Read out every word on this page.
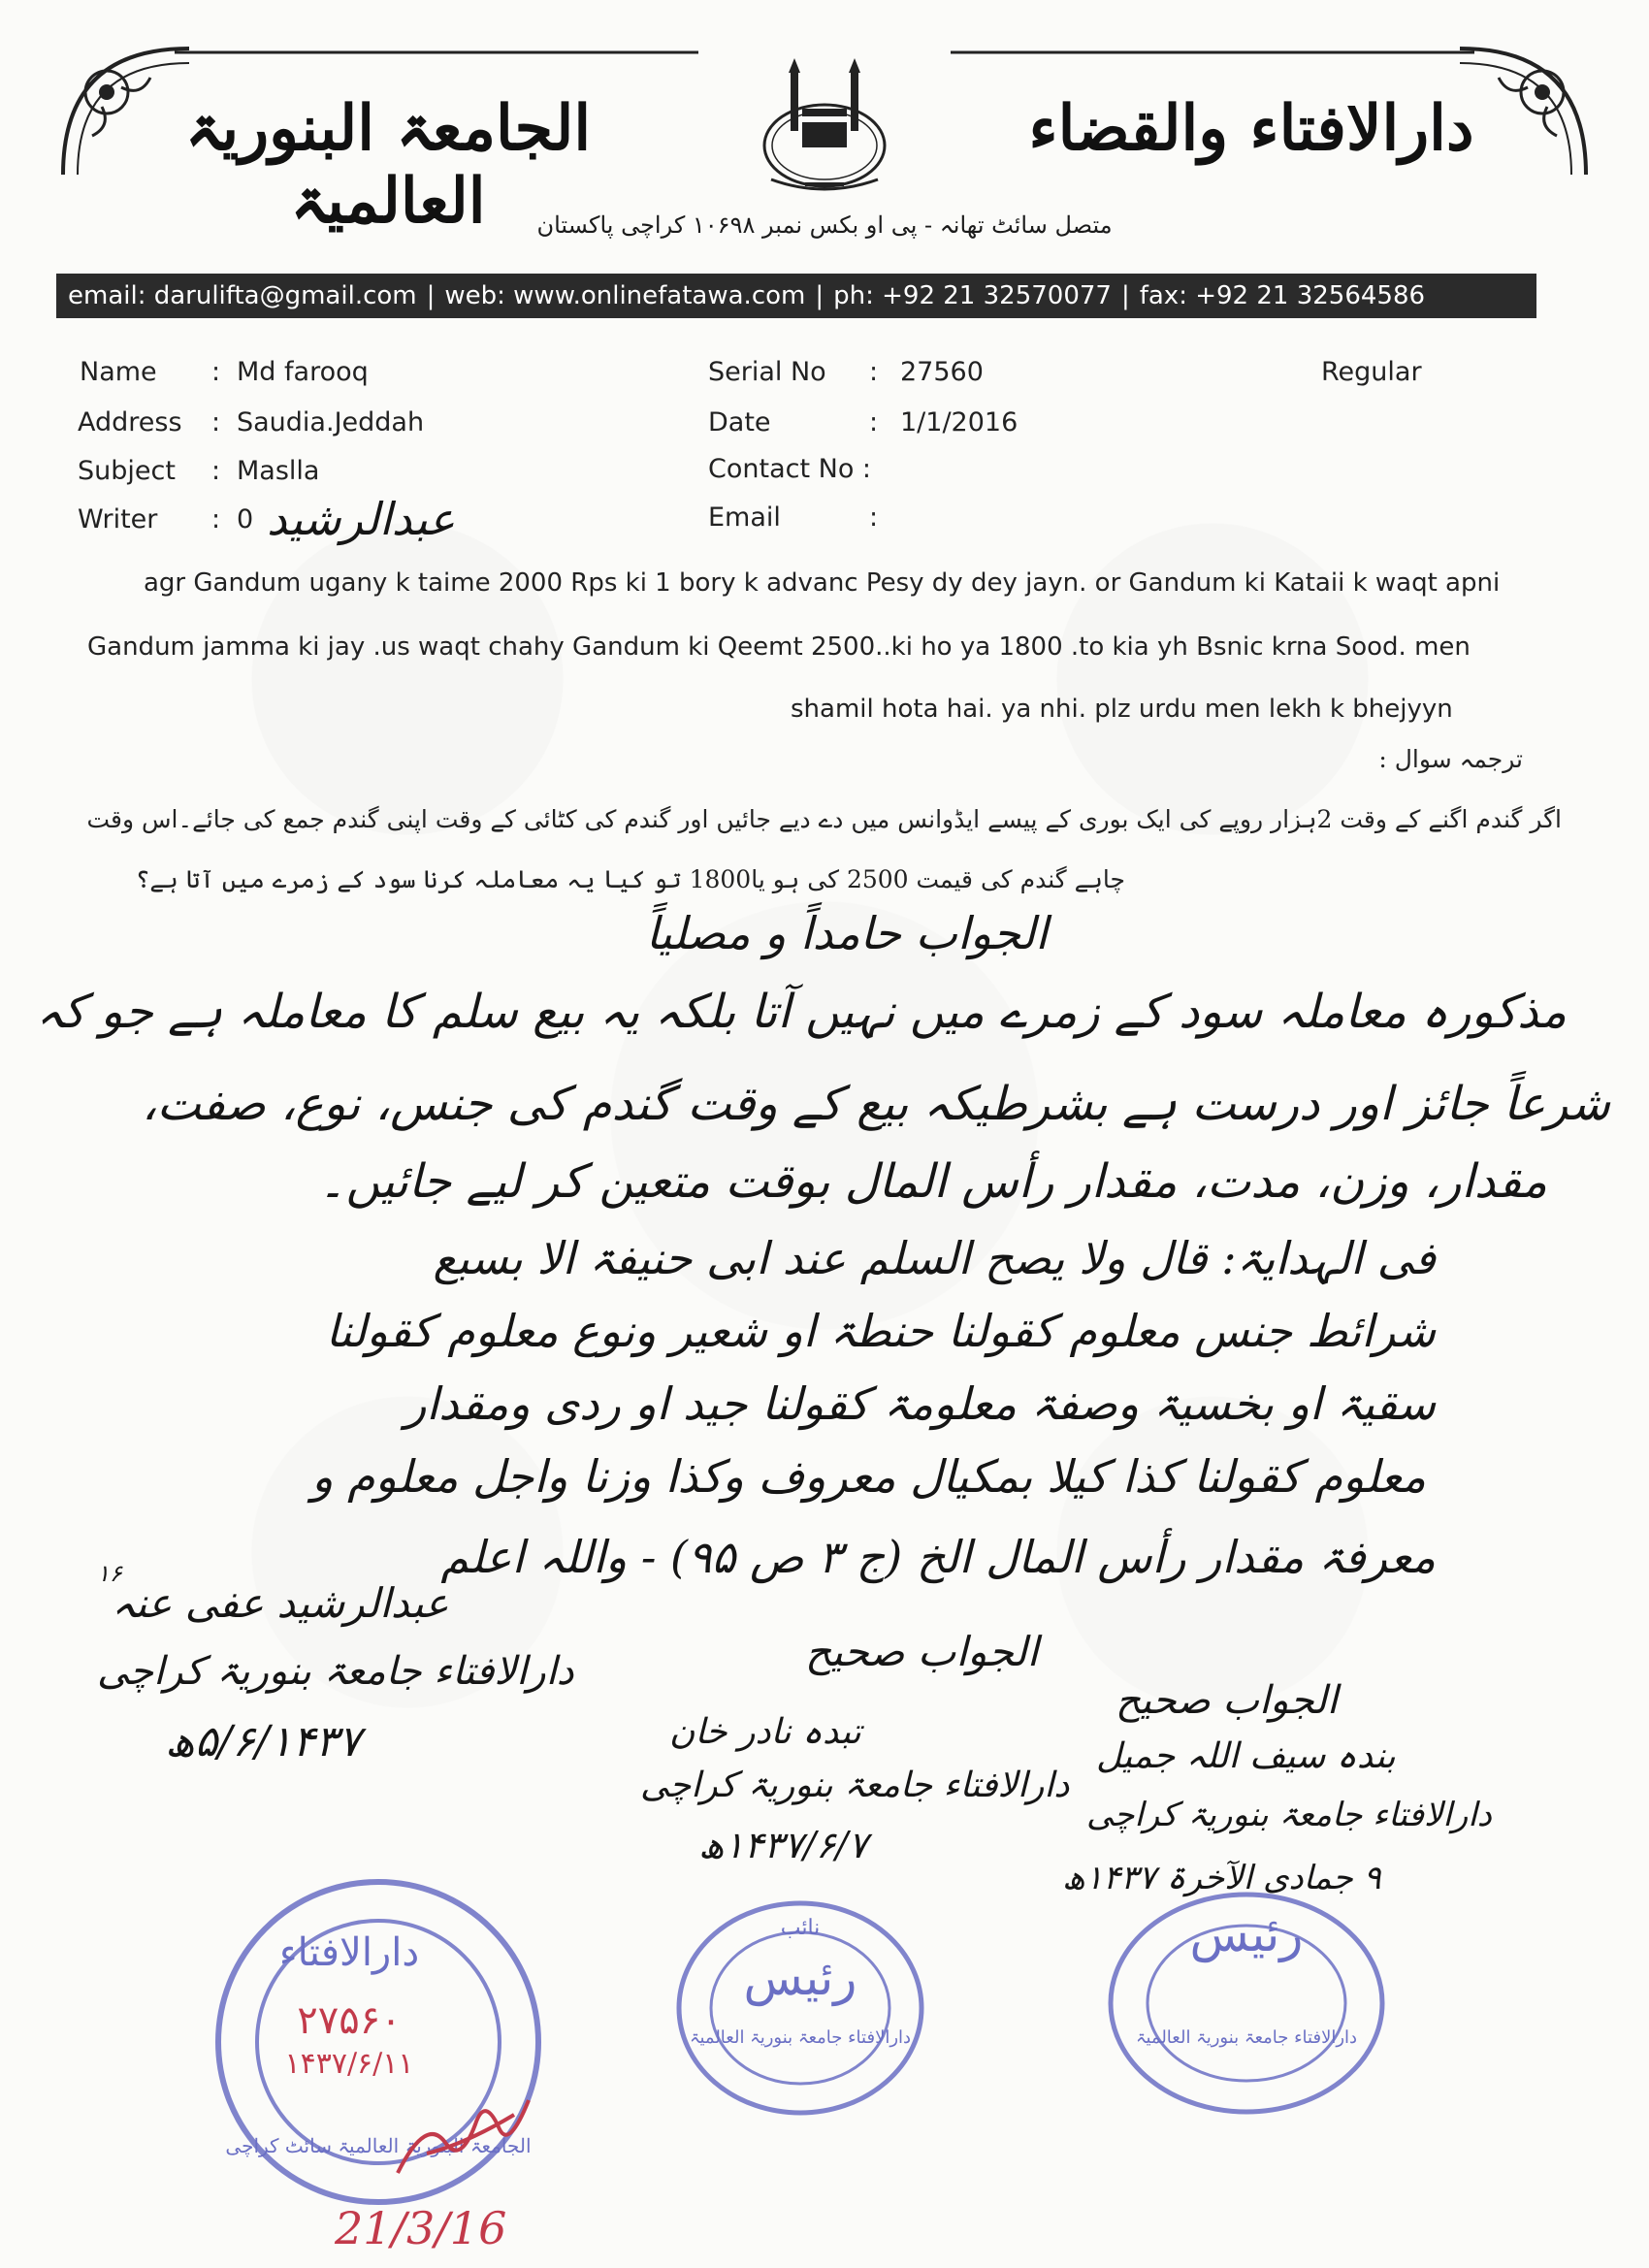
الجامعۃ البنوریۃ العالمیۃ
دارالافتاء والقضاء
متصل سائٹ تھانہ - پی او بکس نمبر ۱۰۶۹۸ کراچی پاکستان
email: darulifta@gmail.com | web: www.onlinefatawa.com | ph: +92 21 32570077 | fax: +92 21 32564586
Name : Md farooq
Address : Saudia.Jeddah
Subject : Maslla
Writer : 0 عبدالرشید
Serial No : 27560	Regular
Date	: 1/1/2016
Contact No :
Email	:
agr Gandum ugany k taime 2000 Rps ki 1 bory k advanc Pesy dy dey jayn. or Gandum ki Kataii k waqt apni
Gandum jamma ki jay .us waqt chahy Gandum ki Qeemt 2500..ki ho ya 1800 .to kia yh Bsnic krna Sood. men
shamil hota hai. ya nhi. plz urdu men lekh k bhejyyn
ترجمہ سوال :
اگر گندم اگنے کے وقت 2ہزار روپے کی ایک بوری کے پیسے ایڈوانس میں دے دیے جائیں اور گندم کی کٹائی کے وقت اپنی گندم جمع کی جائے۔اس وقت
چاہے گندم کی قیمت 2500 کی ہو یا1800 تو کیا یہ معاملہ کرنا سود کے زمرے میں آتا ہے؟
الجواب حامداً و مصلیاً
مذکورہ معاملہ سود کے زمرے میں نہیں آتا بلکہ یہ بیع سلم کا معاملہ ہے جو کہ
شرعاً جائز اور درست ہے بشرطیکہ بیع کے وقت گندم کی جنس، نوع، صفت،
مقدار، وزن، مدت، مقدار رأس المال بوقت متعین کر لیے جائیں۔
فی الہدایۃ: قال ولا یصح السلم عند ابی حنیفۃ الا بسبع
شرائط جنس معلوم کقولنا حنطۃ او شعیر ونوع معلوم کقولنا
سقیۃ او بخسیۃ وصفۃ معلومۃ کقولنا جید او ردی ومقدار
معلوم کقولنا کذا کیلا بمکیال معروف وکذا وزنا واجل معلوم و
معرفۃ مقدار رأس المال الخ (ج ۳ ص ۹۵) - واللہ اعلم
عبدالرشید عفی عنہ
۱۶
دارالافتاء جامعۃ بنوریۃ کراچی
۵/۶/۱۴۳۷ھ
الجواب صحیح
تبدہ نادر خان
دارالافتاء جامعۃ بنوریۃ کراچی
۱۴۳۷/۶/۷ھ
الجواب صحیح
بندہ سیف اللہ جمیل
دارالافتاء جامعۃ بنوریۃ کراچی
۹ جمادی الآخرۃ ۱۴۳۷ھ
دارالافتاء
۲۷۵۶۰
۱۴۳۷/۶/۱۱
الجامعۃ البنوریۃ العالمیۃ سائٹ کراچی
نائب
رئیس
دارالافتاء جامعۃ بنوریۃ العالمیۃ
رئیس
دارالافتاء جامعۃ بنوریۃ العالمیۃ
21/3/16
